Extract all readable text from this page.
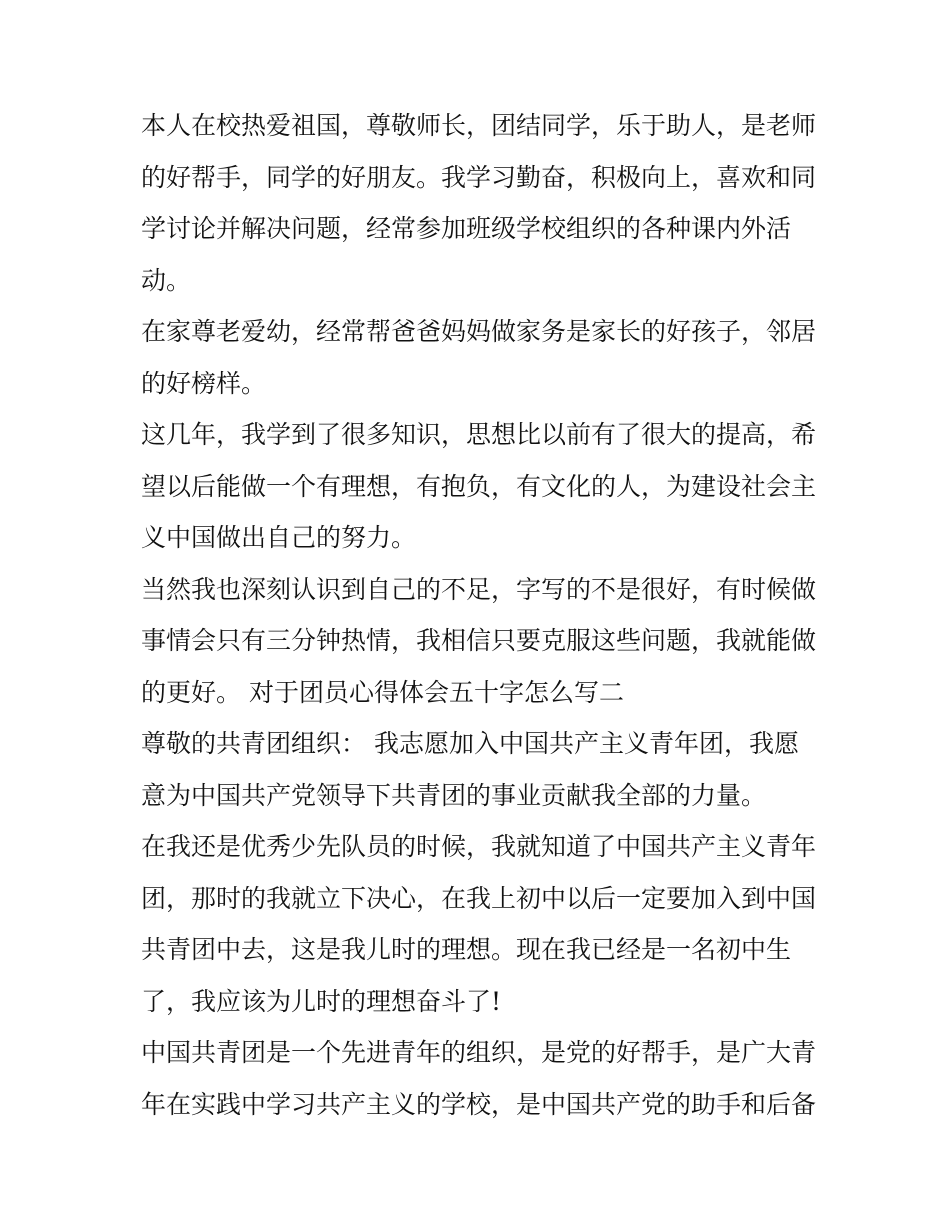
本人在校热爱祖国，尊敬师长，团结同学，乐于助人，是老师
的好帮手，同学的好朋友。我学习勤奋，积极向上，喜欢和同
学讨论并解决问题，经常参加班级学校组织的各种课内外活
动。
在家尊老爱幼，经常帮爸爸妈妈做家务是家长的好孩子，邻居
的好榜样。
这几年，我学到了很多知识，思想比以前有了很大的提高，希
望以后能做一个有理想，有抱负，有文化的人，为建设社会主
义中国做出自己的努力。
当然我也深刻认识到自己的不足，字写的不是很好，有时候做
事情会只有三分钟热情，我相信只要克服这些问题，我就能做
的更好。 对于团员心得体会五十字怎么写二
尊敬的共青团组织： 我志愿加入中国共产主义青年团，我愿
意为中国共产党领导下共青团的事业贡献我全部的力量。
在我还是优秀少先队员的时候，我就知道了中国共产主义青年
团，那时的我就立下决心，在我上初中以后一定要加入到中国
共青团中去，这是我儿时的理想。现在我已经是一名初中生
了，我应该为儿时的理想奋斗了!
中国共青团是一个先进青年的组织，是党的好帮手，是广大青
年在实践中学习共产主义的学校，是中国共产党的助手和后备
